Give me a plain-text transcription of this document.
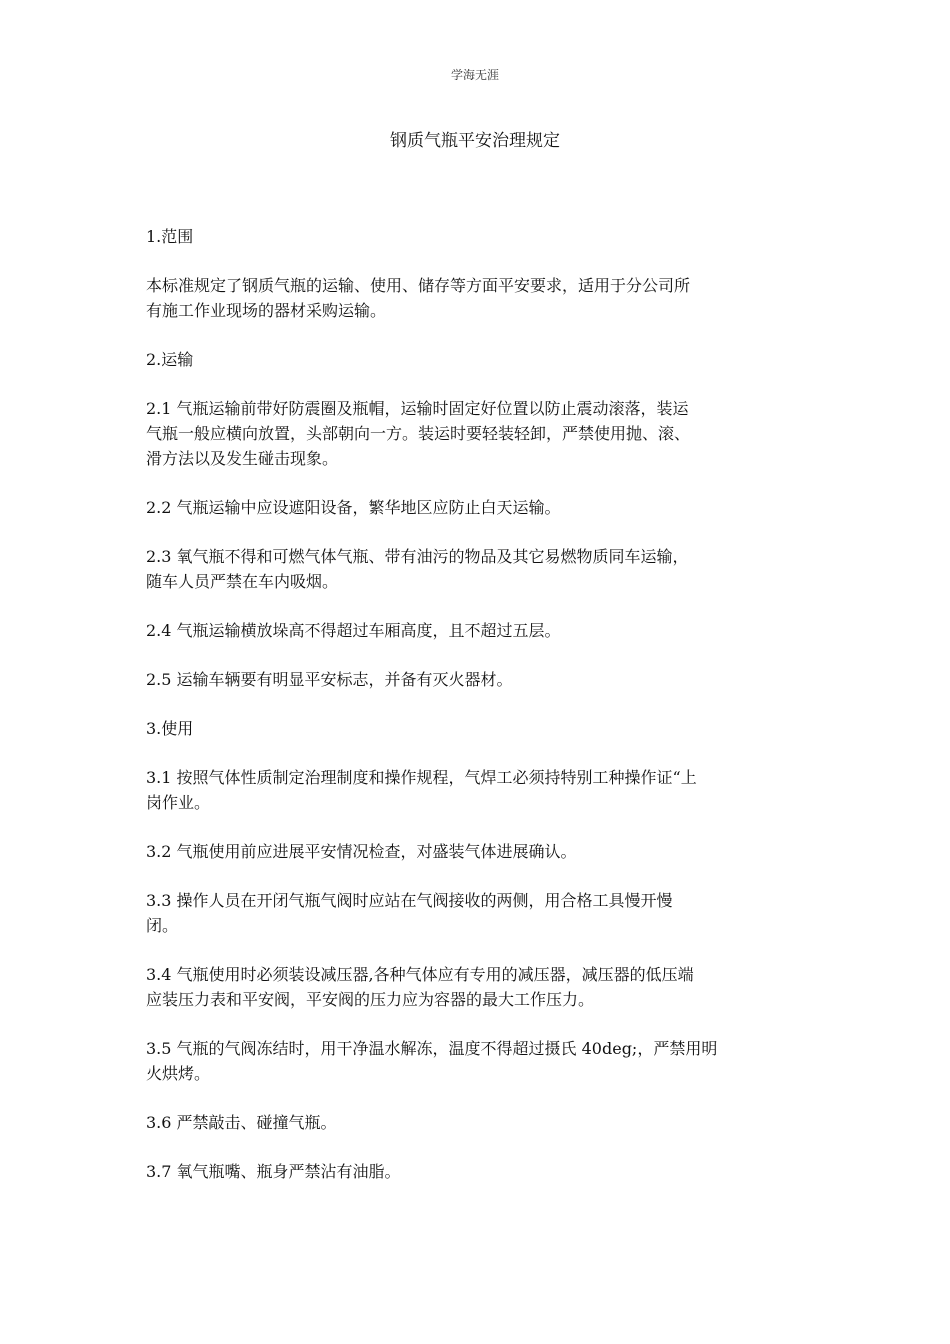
学海无涯
钢质气瓶平安治理规定

1.范围

本标准规定了钢质气瓶的运输、使用、储存等方面平安要求，适用于分公司所
有施工作业现场的器材采购运输。

2.运输

2.1 气瓶运输前带好防震圈及瓶帽，运输时固定好位置以防止震动滚落，装运
气瓶一般应横向放置，头部朝向一方。装运时要轻装轻卸，严禁使用抛、滚、
滑方法以及发生碰击现象。

2.2 气瓶运输中应设遮阳设备，繁华地区应防止白天运输。

2.3 氧气瓶不得和可燃气体气瓶、带有油污的物品及其它易燃物质同车运输，
随车人员严禁在车内吸烟。

2.4 气瓶运输横放垛高不得超过车厢高度，且不超过五层。

2.5 运输车辆要有明显平安标志，并备有灭火器材。

3.使用

3.1 按照气体性质制定治理制度和操作规程，气焊工必须持特别工种操作证“上
岗作业。

3.2 气瓶使用前应进展平安情况检查，对盛装气体进展确认。

3.3 操作人员在开闭气瓶气阀时应站在气阀接收的两侧，用合格工具慢开慢
闭。

3.4 气瓶使用时必须装设减压器,各种气体应有专用的减压器，减压器的低压端
应装压力表和平安阀，平安阀的压力应为容器的最大工作压力。

3.5 气瓶的气阀冻结时，用干净温水解冻，温度不得超过摄氏 40deg;，严禁用明
火烘烤。

3.6 严禁敲击、碰撞气瓶。

3.7 氧气瓶嘴、瓶身严禁沾有油脂。
